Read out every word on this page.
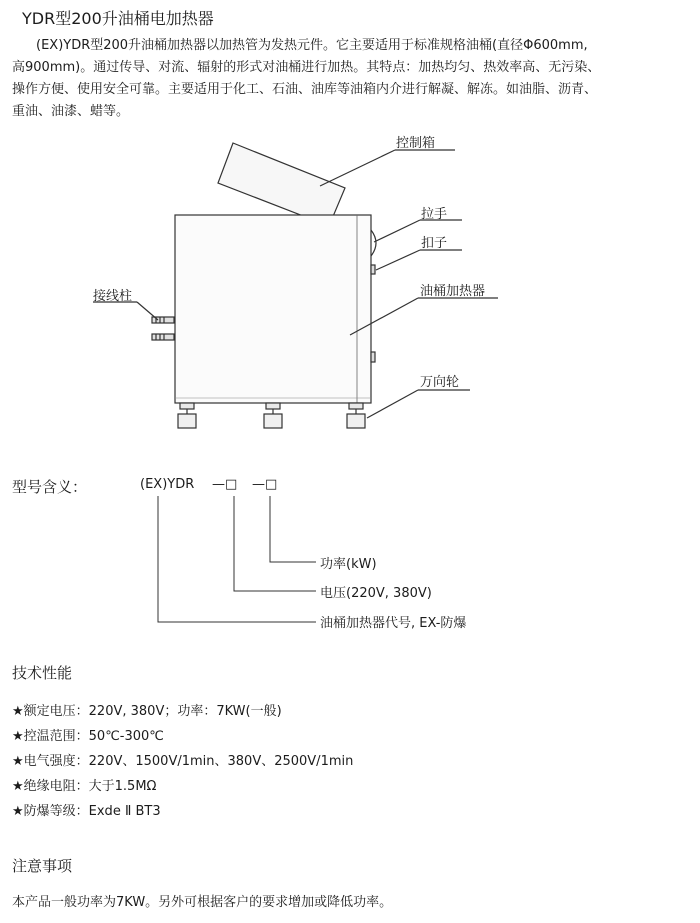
YDR型200升油桶电加热器
(EX)YDR型200升油桶加热器以加热管为发热元件。它主要适用于标准规格油桶(直径Φ600mm,
高900mm)。通过传导、对流、辐射的形式对油桶进行加热。其特点：加热均匀、热效率高、无污染、
操作方便、使用安全可靠。主要适用于化工、石油、油库等油箱内介进行解凝、解冻。如油脂、沥青、
重油、油漆、蜡等。
控制箱
拉手
扣子
接线柱	油桶加热器
万向轮
型号含义：	(EX)YDR —□ —□
功率(kW)
电压(220V, 380V)
油桶加热器代号, EX-防爆
技术性能
★额定电压：220V, 380V；功率：7KW(一般)
★控温范围：50℃-300℃
★电气强度：220V、1500V/1min、380V、2500V/1min
★绝缘电阻：大于1.5MΩ
★防爆等级：Exde Ⅱ BT3
注意事项
本产品一般功率为7KW。另外可根据客户的要求增加或降低功率。
